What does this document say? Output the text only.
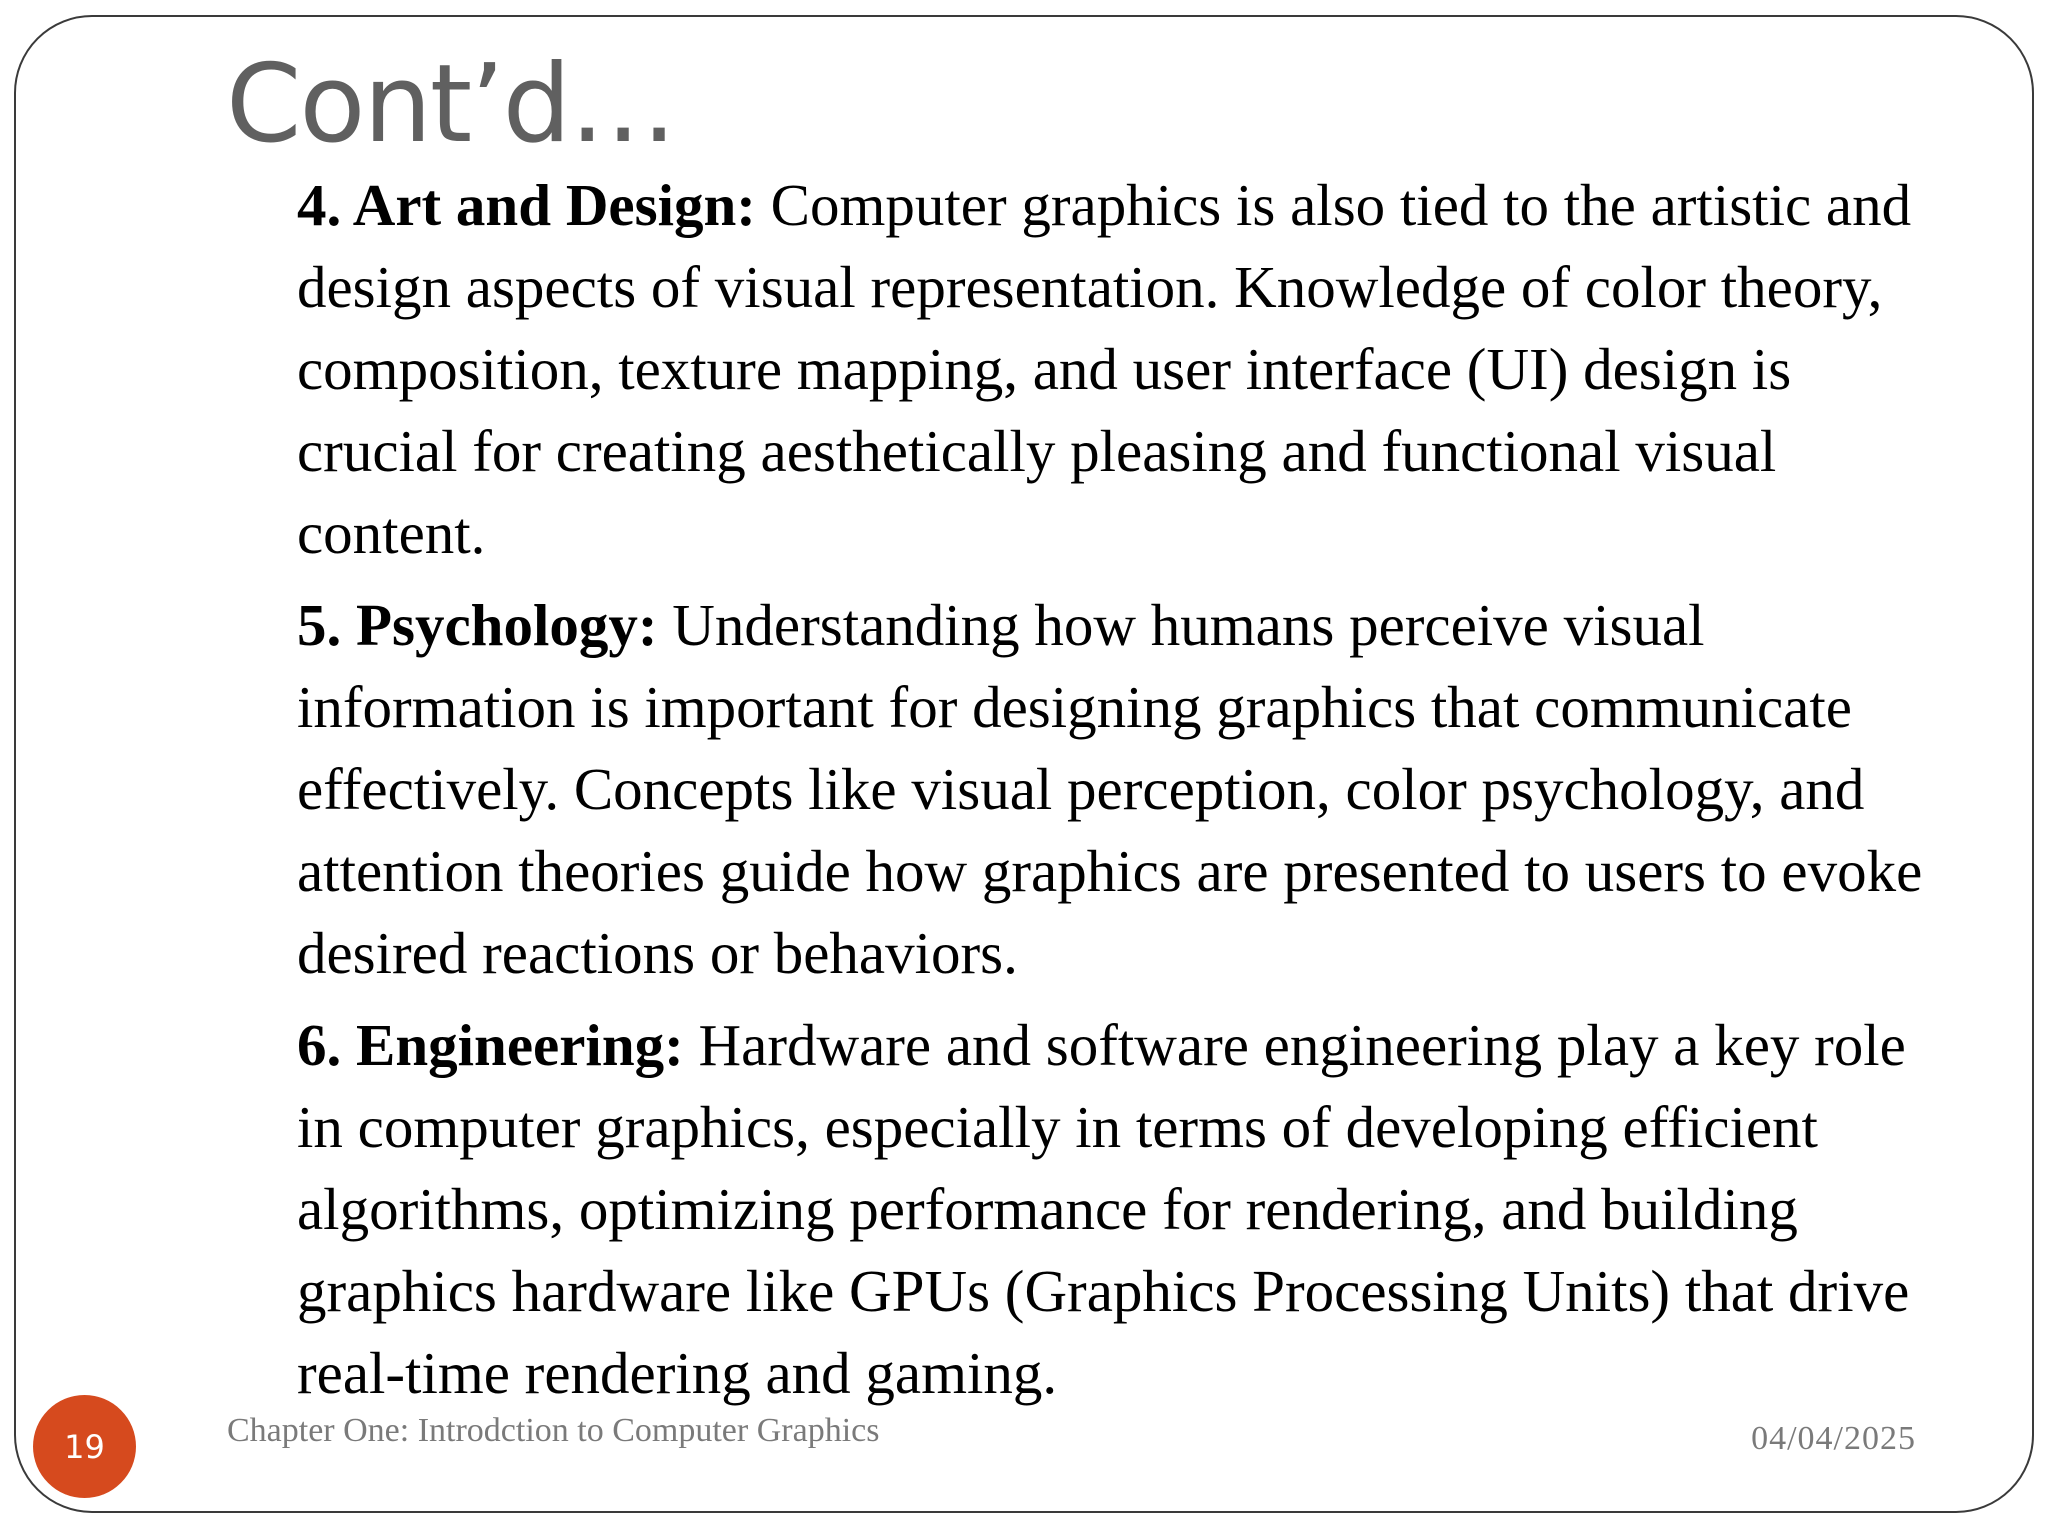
Cont’d…

4. Art and Design: Computer graphics is also tied to the artistic and design aspects of visual representation. Knowledge of color theory, composition, texture mapping, and user interface (UI) design is crucial for creating aesthetically pleasing and functional visual content.

5. Psychology: Understanding how humans perceive visual information is important for designing graphics that communicate effectively. Concepts like visual perception, color psychology, and attention theories guide how graphics are presented to users to evoke desired reactions or behaviors.

6. Engineering: Hardware and software engineering play a key role in computer graphics, especially in terms of developing efficient algorithms, optimizing performance for rendering, and building graphics hardware like GPUs (Graphics Processing Units) that drive real-time rendering and gaming.

19	Chapter One: Introdction to Computer Graphics	04/04/2025
